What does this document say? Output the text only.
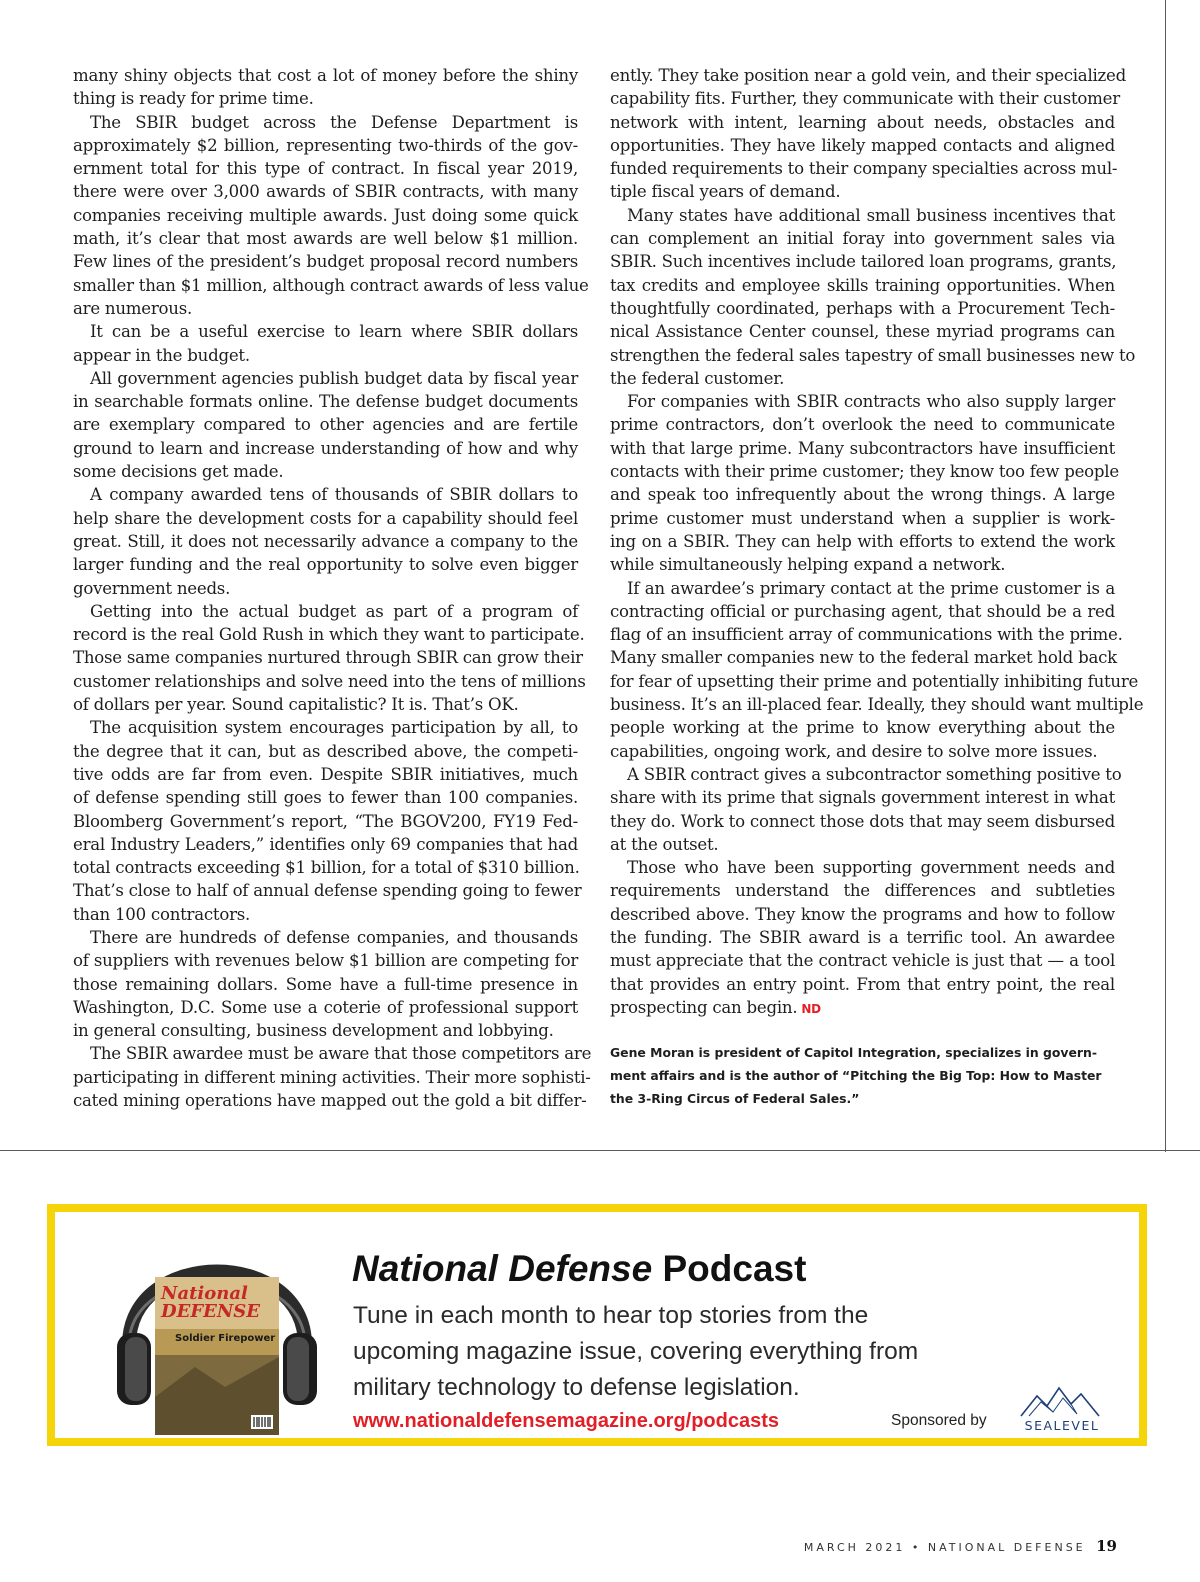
many shiny objects that cost a lot of money before the shiny
thing is ready for prime time.
The SBIR budget across the Defense Department is
approximately $2 billion, representing two-thirds of the gov-
ernment total for this type of contract. In fiscal year 2019,
there were over 3,000 awards of SBIR contracts, with many
companies receiving multiple awards. Just doing some quick
math, it’s clear that most awards are well below $1 million.
Few lines of the president’s budget proposal record numbers
smaller than $1 million, although contract awards of less value
are numerous.
It can be a useful exercise to learn where SBIR dollars
appear in the budget.
All government agencies publish budget data by fiscal year
in searchable formats online. The defense budget documents
are exemplary compared to other agencies and are fertile
ground to learn and increase understanding of how and why
some decisions get made.
A company awarded tens of thousands of SBIR dollars to
help share the development costs for a capability should feel
great. Still, it does not necessarily advance a company to the
larger funding and the real opportunity to solve even bigger
government needs.
Getting into the actual budget as part of a program of
record is the real Gold Rush in which they want to participate.
Those same companies nurtured through SBIR can grow their
customer relationships and solve need into the tens of millions
of dollars per year. Sound capitalistic? It is. That’s OK.
The acquisition system encourages participation by all, to
the degree that it can, but as described above, the competi-
tive odds are far from even. Despite SBIR initiatives, much
of defense spending still goes to fewer than 100 companies.
Bloomberg Government’s report, “The BGOV200, FY19 Fed-
eral Industry Leaders,” identifies only 69 companies that had
total contracts exceeding $1 billion, for a total of $310 billion.
That’s close to half of annual defense spending going to fewer
than 100 contractors.
There are hundreds of defense companies, and thousands
of suppliers with revenues below $1 billion are competing for
those remaining dollars. Some have a full-time presence in
Washington, D.C. Some use a coterie of professional support
in general consulting, business development and lobbying.
The SBIR awardee must be aware that those competitors are
participating in different mining activities. Their more sophisti-
cated mining operations have mapped out the gold a bit differ-
ently. They take position near a gold vein, and their specialized
capability fits. Further, they communicate with their customer
network with intent, learning about needs, obstacles and
opportunities. They have likely mapped contacts and aligned
funded requirements to their company specialties across mul-
tiple fiscal years of demand.
Many states have additional small business incentives that
can complement an initial foray into government sales via
SBIR. Such incentives include tailored loan programs, grants,
tax credits and employee skills training opportunities. When
thoughtfully coordinated, perhaps with a Procurement Tech-
nical Assistance Center counsel, these myriad programs can
strengthen the federal sales tapestry of small businesses new to
the federal customer.
For companies with SBIR contracts who also supply larger
prime contractors, don’t overlook the need to communicate
with that large prime. Many subcontractors have insufficient
contacts with their prime customer; they know too few people
and speak too infrequently about the wrong things. A large
prime customer must understand when a supplier is work-
ing on a SBIR. They can help with efforts to extend the work
while simultaneously helping expand a network.
If an awardee’s primary contact at the prime customer is a
contracting official or purchasing agent, that should be a red
flag of an insufficient array of communications with the prime.
Many smaller companies new to the federal market hold back
for fear of upsetting their prime and potentially inhibiting future
business. It’s an ill-placed fear. Ideally, they should want multiple
people working at the prime to know everything about the
capabilities, ongoing work, and desire to solve more issues.
A SBIR contract gives a subcontractor something positive to
share with its prime that signals government interest in what
they do. Work to connect those dots that may seem disbursed
at the outset.
Those who have been supporting government needs and
requirements understand the differences and subtleties
described above. They know the programs and how to follow
the funding. The SBIR award is a terrific tool. An awardee
must appreciate that the contract vehicle is just that — a tool
that provides an entry point. From that entry point, the real
prospecting can begin. ND
Gene Moran is president of Capitol Integration, specializes in govern-
ment affairs and is the author of “Pitching the Big Top: How to Master
the 3-Ring Circus of Federal Sales.”
National
DEFENSE
Soldier Firepower
National Defense Podcast
Tune in each month to hear top stories from the
upcoming magazine issue, covering everything from
military technology to defense legislation.
www.nationaldefensemagazine.org/podcasts	Sponsored by	SEALEVEL
MARCH 2021 • NATIONAL DEFENSE 19
